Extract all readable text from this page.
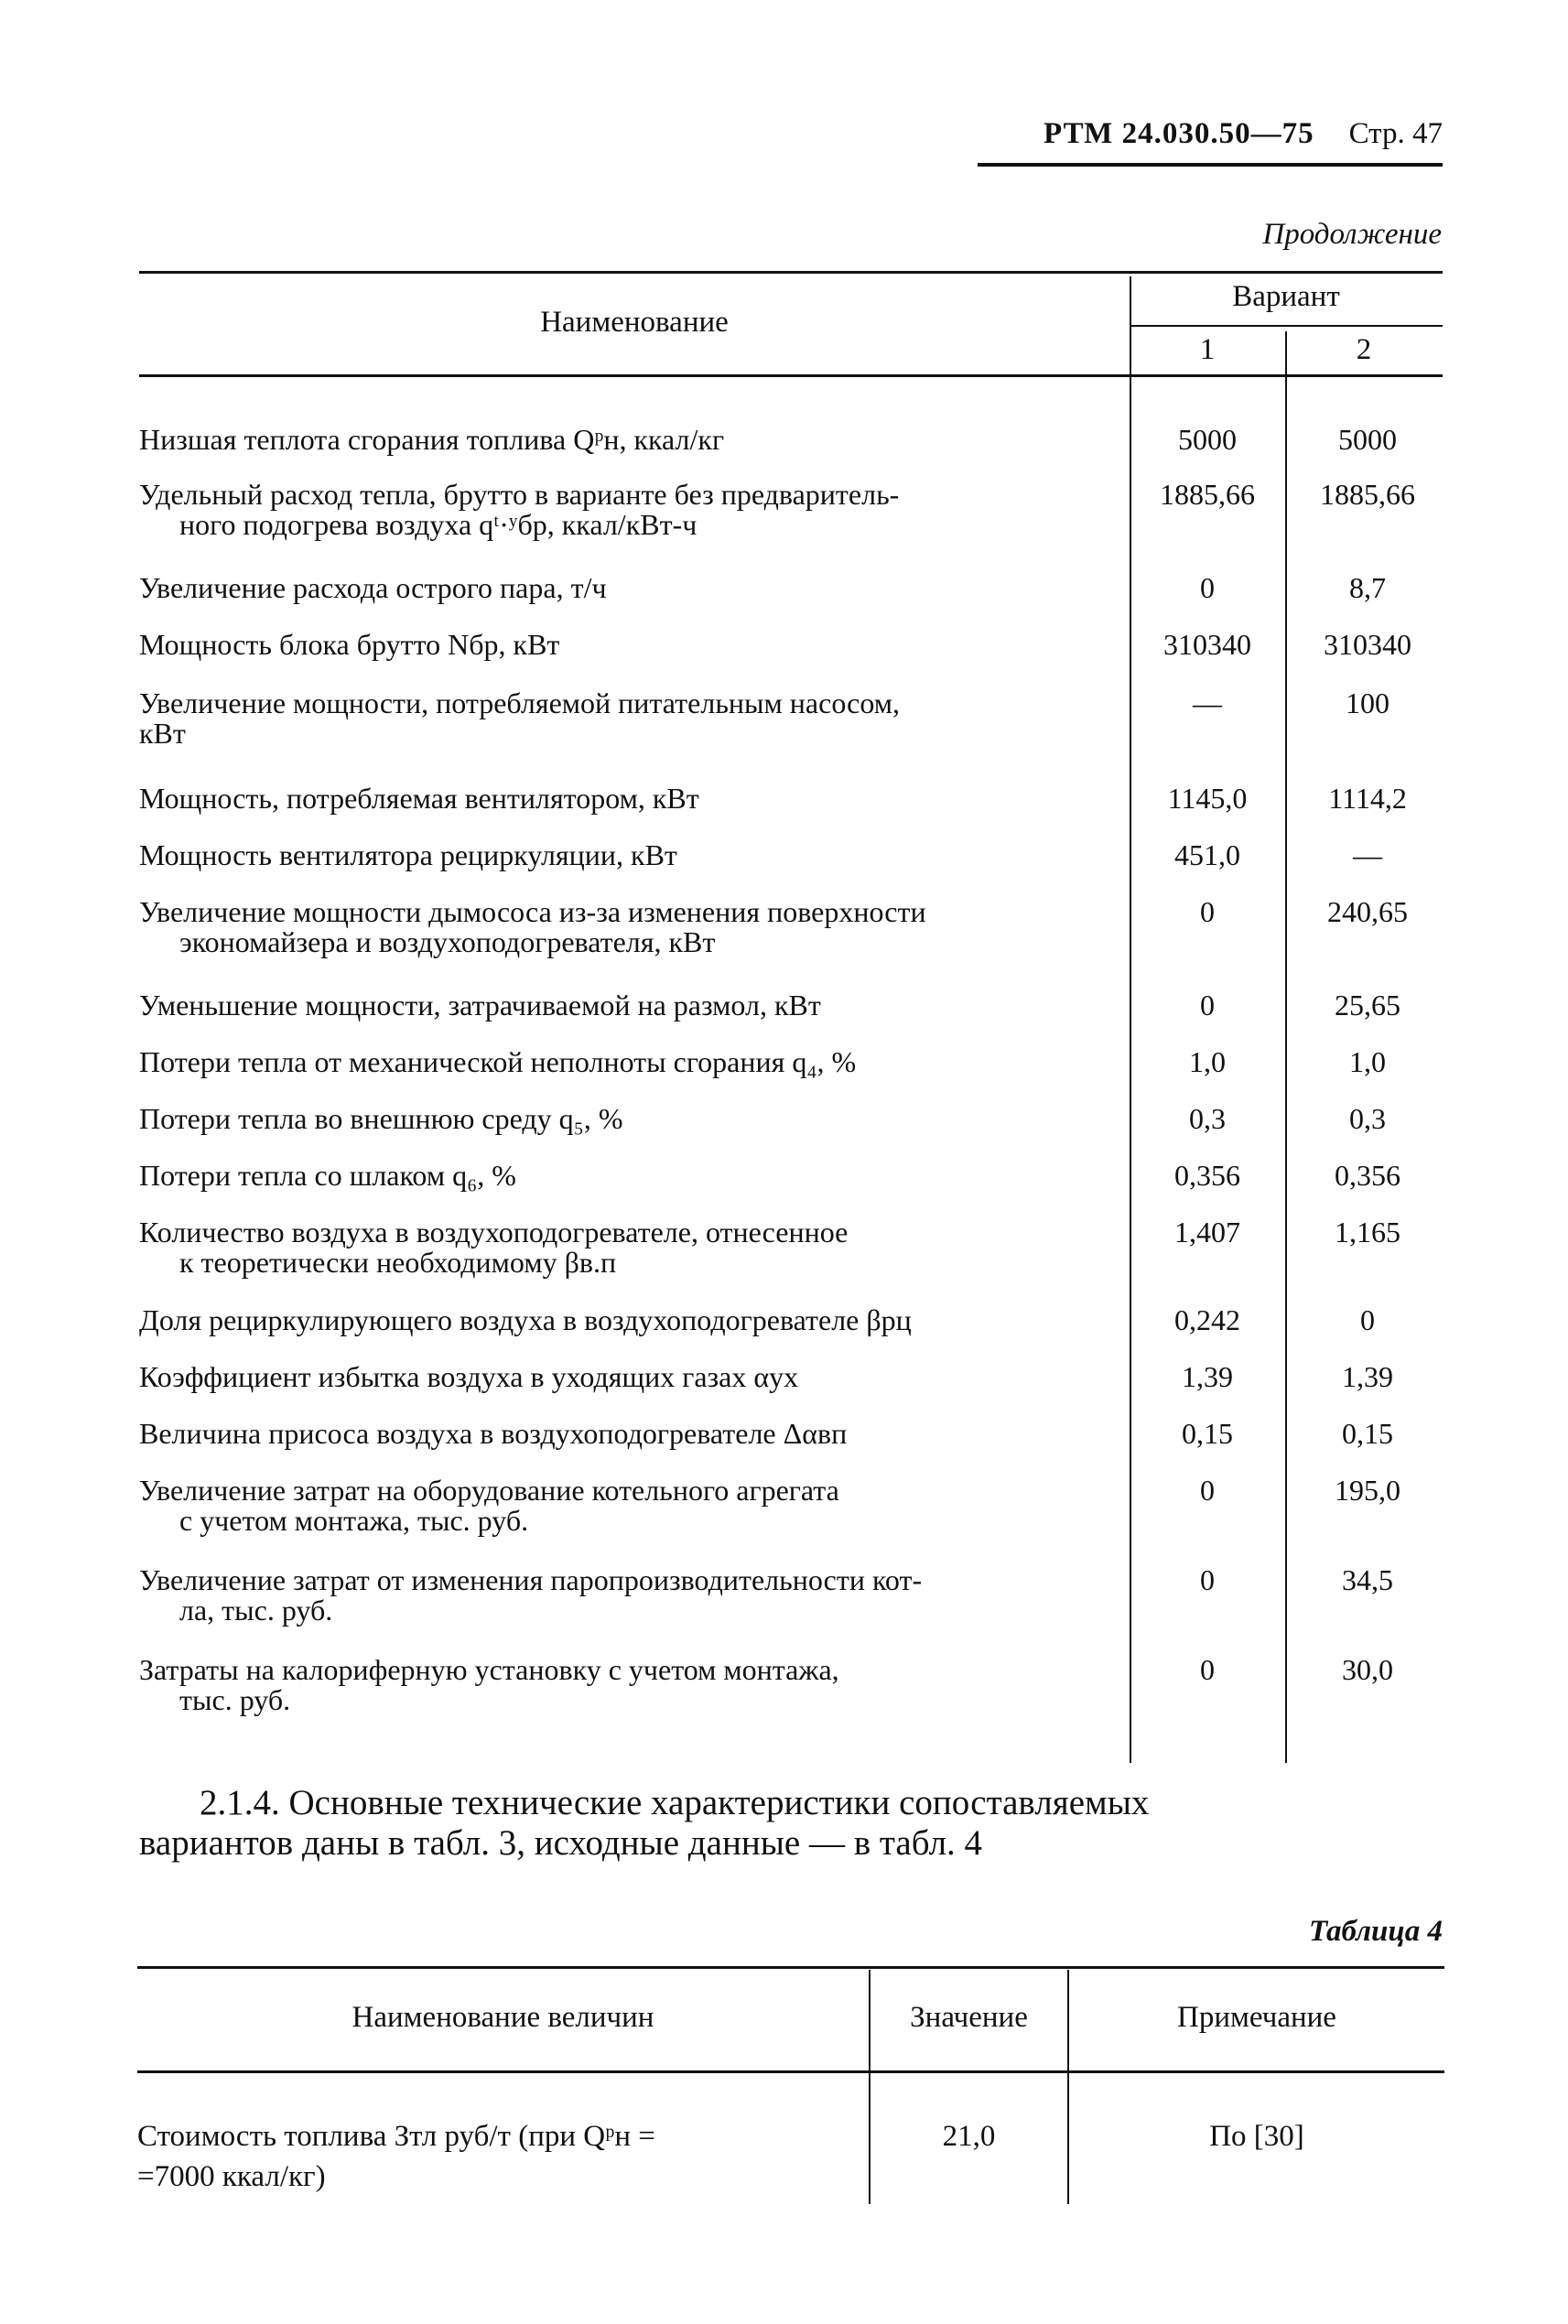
РТМ 24.030.50—75 Стр. 47
Продолжение
Наименование
Вариант
1	2
Низшая теплота сгорания топлива Qᵖн, ккал/кг	5000	5000
Удельный расход тепла, брутто в варианте без предваритель-
ного подогрева воздуха qᵗ·ʸбр, ккал/кВт-ч
1885,66	1885,66
Увеличение расхода острого пара, т/ч	0	8,7
Мощность блока брутто Nбр, кВт	310340	310340
Увеличение мощности, потребляемой питательным насосом,
кВт
—	100
Мощность, потребляемая вентилятором, кВт	1145,0	1114,2
Мощность вентилятора рециркуляции, кВт	451,0	—
Увеличение мощности дымососа из-за изменения поверхности
экономайзера и воздухоподогревателя, кВт
0	240,65
Уменьшение мощности, затрачиваемой на размол, кВт	0	25,65
Потери тепла от механической неполноты сгорания q₄, %	1,0	1,0
Потери тепла во внешнюю среду q₅, %	0,3	0,3
Потери тепла со шлаком q₆, %	0,356	0,356
Количество воздуха в воздухоподогревателе, отнесенное
к теоретически необходимому βв.п
1,407	1,165
Доля рециркулирующего воздуха в воздухоподогревателе βрц	0,242	0
Коэффициент избытка воздуха в уходящих газах αух	1,39	1,39
Величина присоса воздуха в воздухоподогревателе Δαвп	0,15	0,15
Увеличение затрат на оборудование котельного агрегата
с учетом монтажа, тыс. руб.
0	195,0
Увеличение затрат от изменения паропроизводительности кот-
ла, тыс. руб.
0	34,5
Затраты на калориферную установку с учетом монтажа,
тыс. руб.
0	30,0
2.1.4. Основные технические характеристики сопоставляемых
вариантов даны в табл. 3, исходные данные — в табл. 4
Таблица 4
Наименование величин	Значение	Примечание
Стоимость топлива Зтл руб/т (при Qᵖн =
=7000 ккал/кг)
21,0	По [30]
